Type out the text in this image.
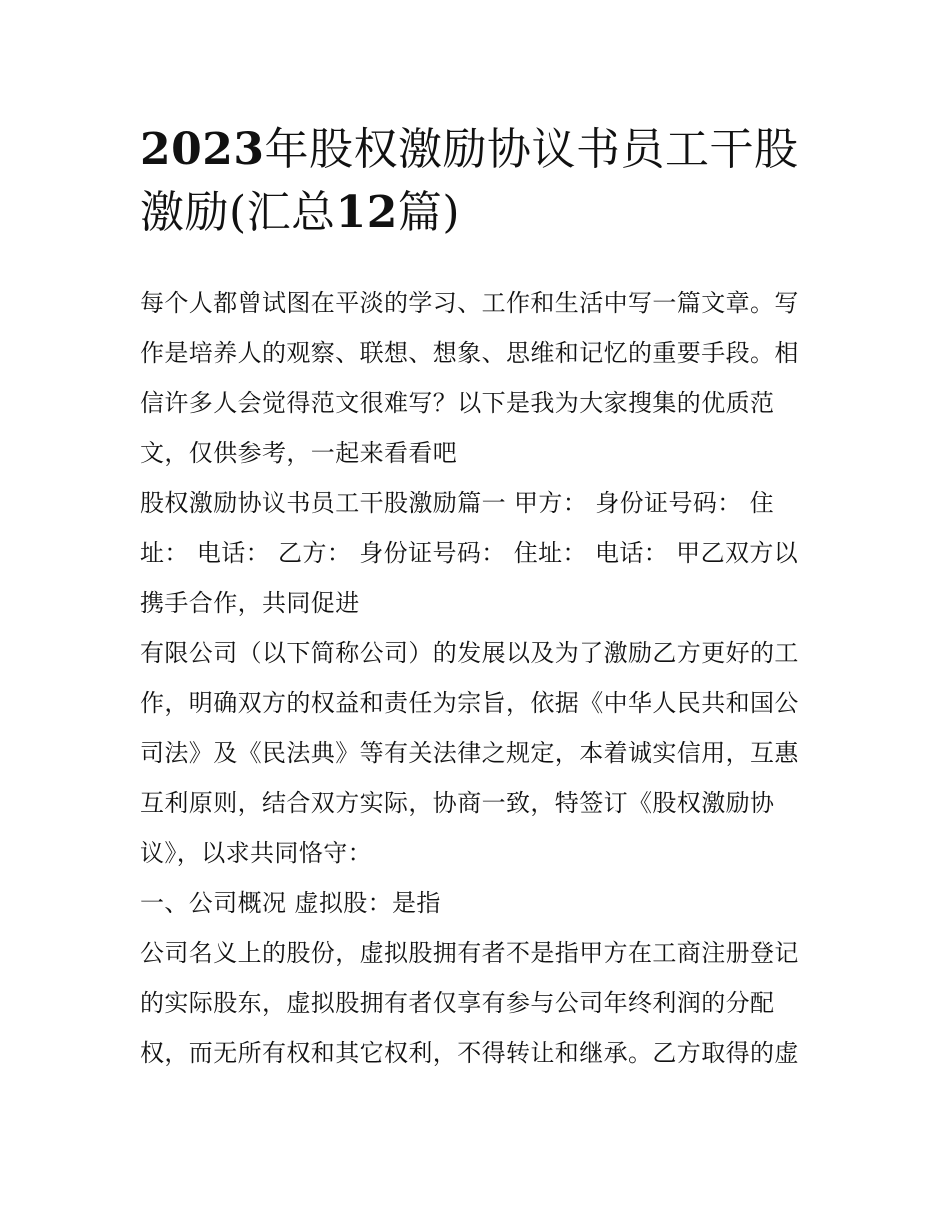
2023年股权激励协议书员工干股激励(汇总12篇)

每个人都曾试图在平淡的学习、工作和生活中写一篇文章。写作是培养人的观察、联想、想象、思维和记忆的重要手段。相信许多人会觉得范文很难写？以下是我为大家搜集的优质范文，仅供参考，一起来看看吧

股权激励协议书员工干股激励篇一 甲方： 身份证号码： 住址： 电话： 乙方： 身份证号码： 住址： 电话： 甲乙双方以携手合作，共同促进

有限公司（以下简称公司）的发展以及为了激励乙方更好的工作，明确双方的权益和责任为宗旨，依据《中华人民共和国公司法》及《民法典》等有关法律之规定，本着诚实信用，互惠互利原则，结合双方实际，协商一致，特签订《股权激励协议》，以求共同恪守：

一、公司概况 虚拟股：是指

公司名义上的股份，虚拟股拥有者不是指甲方在工商注册登记的实际股东，虚拟股拥有者仅享有参与公司年终利润的分配权，而无所有权和其它权利，不得转让和继承。乙方取得的虚
